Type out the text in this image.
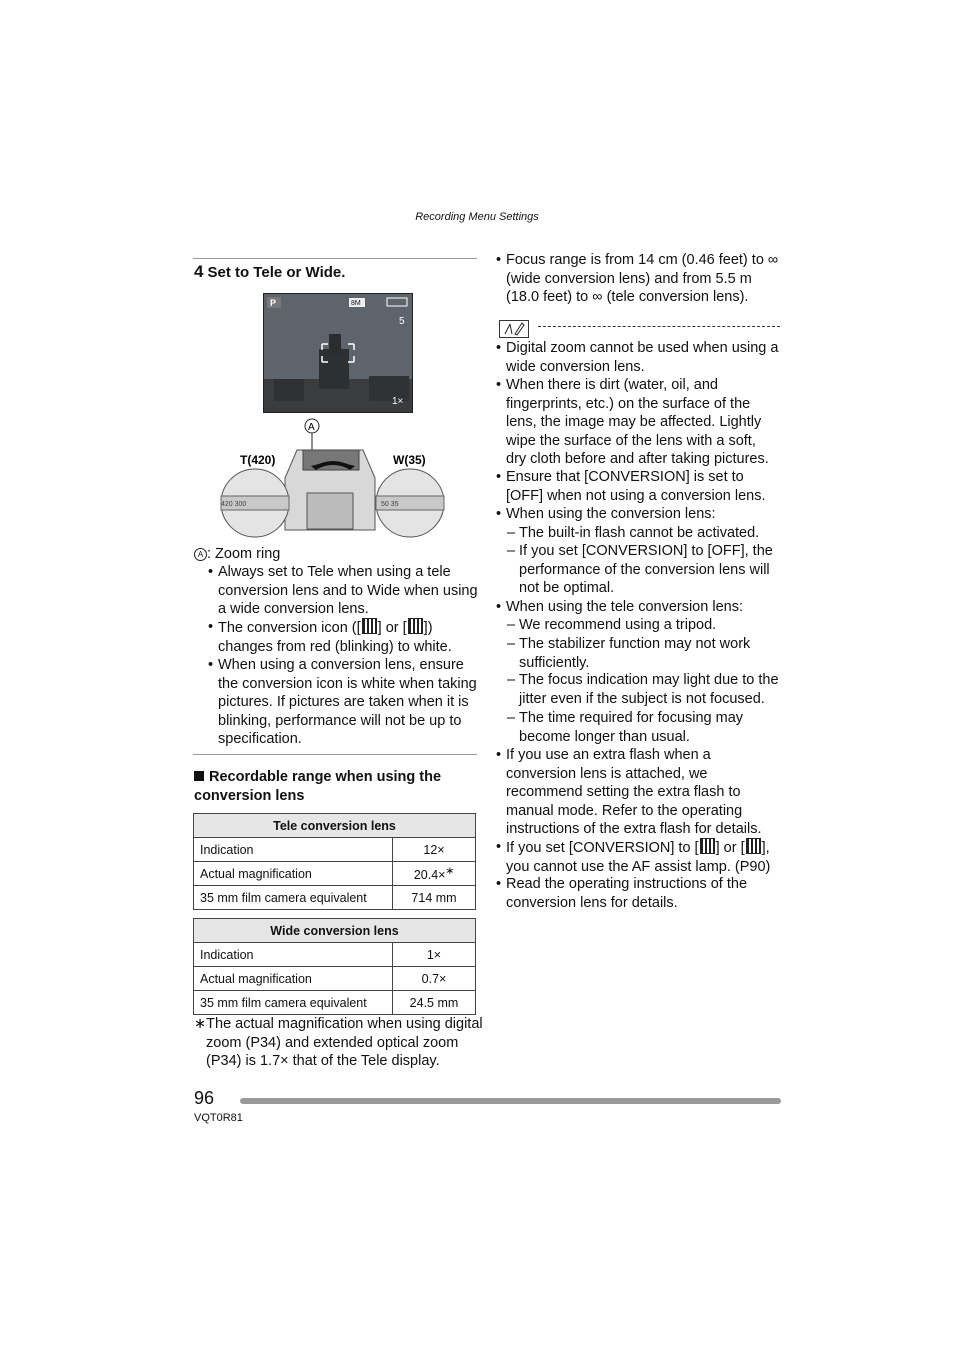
Recording Menu Settings
4 Set to Tele or Wide.
P	8M
5
1×
A
T(420)	W(35)
420 300	50 35
A : Zoom ring
• Always set to Tele when using a tele conversion lens and to Wide when using a wide conversion lens.
• The conversion icon ([ ] or [ ]) changes from red (blinking) to white.
• When using a conversion lens, ensure the conversion icon is white when taking pictures. If pictures are taken when it is blinking, performance will not be up to specification.
Recordable range when using the conversion lens
Tele conversion lens	
Indication	12×
Actual magnification	20.4×∗
35 mm film camera equivalent	714 mm
Wide conversion lens	
Indication	1×
Actual magnification	0.7×
35 mm film camera equivalent	24.5 mm
∗The actual magnification when using digital zoom (P34) and extended optical zoom (P34) is 1.7× that of the Tele display.
• Focus range is from 14 cm (0.46 feet) to ∞ (wide conversion lens) and from 5.5 m (18.0 feet) to ∞ (tele conversion lens).
• Digital zoom cannot be used when using a wide conversion lens.
• When there is dirt (water, oil, and fingerprints, etc.) on the surface of the lens, the image may be affected. Lightly wipe the surface of the lens with a soft, dry cloth before and after taking pictures.
• Ensure that [CONVERSION] is set to [OFF] when not using a conversion lens.
• When using the conversion lens:
– The built-in flash cannot be activated.
– If you set [CONVERSION] to [OFF], the performance of the conversion lens will not be optimal.
• When using the tele conversion lens:
– We recommend using a tripod.
– The stabilizer function may not work sufficiently.
– The focus indication may light due to the jitter even if the subject is not focused.
– The time required for focusing may become longer than usual.
• If you use an extra flash when a conversion lens is attached, we recommend setting the extra flash to manual mode. Refer to the operating instructions of the extra flash for details.
• If you set [CONVERSION] to [ ] or [ ], you cannot use the AF assist lamp. (P90)
• Read the operating instructions of the conversion lens for details.
96
VQT0R81
